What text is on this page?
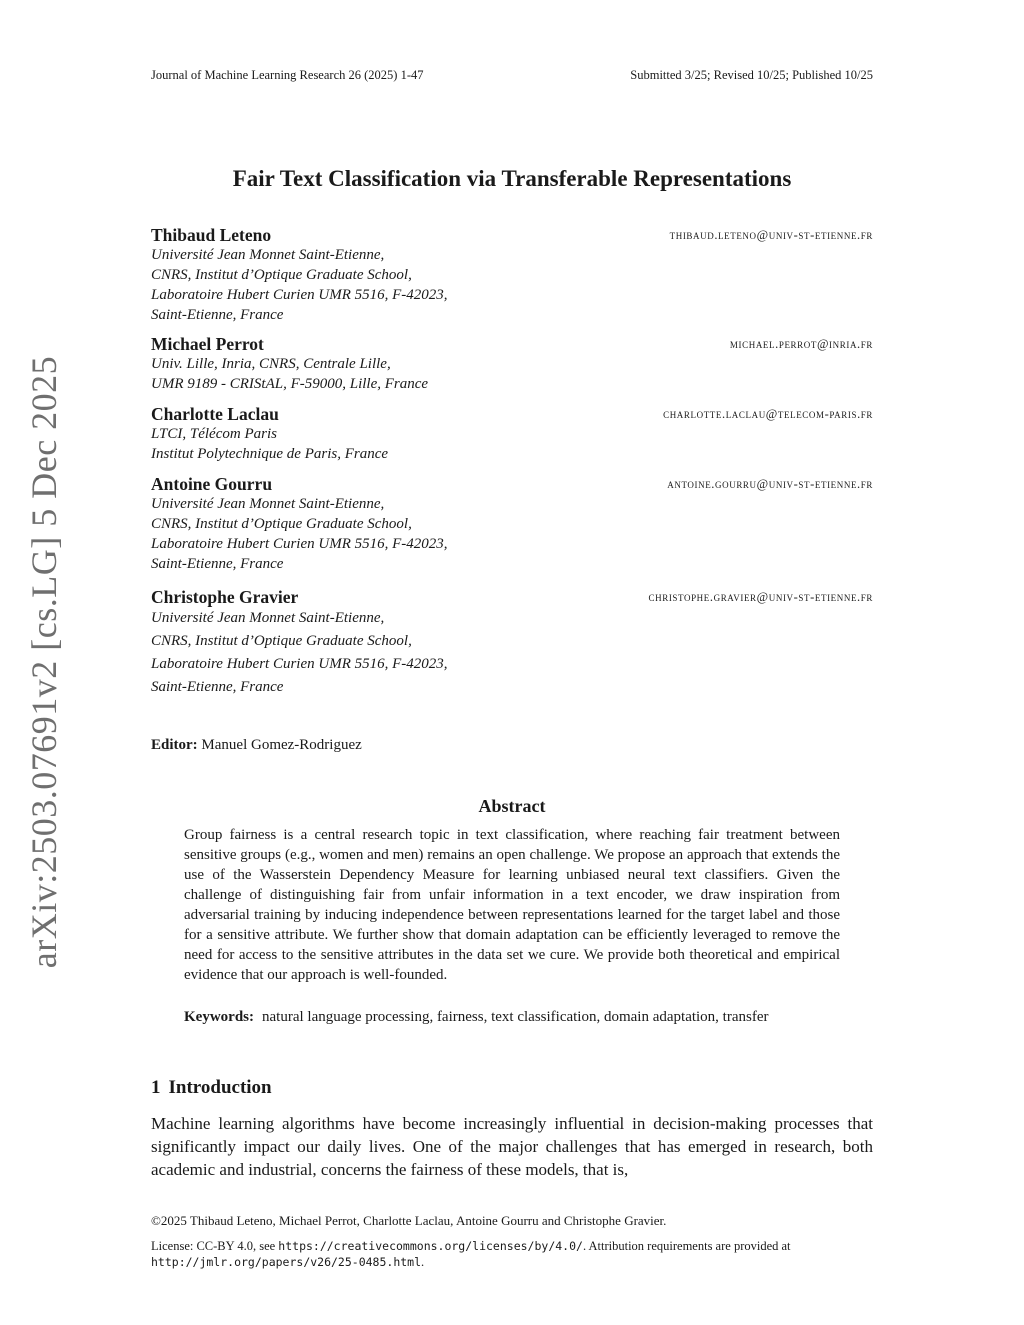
arXiv:2503.07691v2 [cs.LG] 5 Dec 2025
Journal of Machine Learning Research 26 (2025) 1-47	Submitted 3/25; Revised 10/25; Published 10/25
Fair Text Classification via Transferable Representations
Thibaud Leteno	thibaud.leteno@univ-st-etienne.fr
Université Jean Monnet Saint-Etienne,
CNRS, Institut d’Optique Graduate School,
Laboratoire Hubert Curien UMR 5516, F-42023,
Saint-Etienne, France
Michael Perrot	michael.perrot@inria.fr
Univ. Lille, Inria, CNRS, Centrale Lille,
UMR 9189 - CRIStAL, F-59000, Lille, France
Charlotte Laclau	charlotte.laclau@telecom-paris.fr
LTCI, Télécom Paris
Institut Polytechnique de Paris, France
Antoine Gourru	antoine.gourru@univ-st-etienne.fr
Université Jean Monnet Saint-Etienne,
CNRS, Institut d’Optique Graduate School,
Laboratoire Hubert Curien UMR 5516, F-42023,
Saint-Etienne, France
Christophe Gravier	christophe.gravier@univ-st-etienne.fr
Université Jean Monnet Saint-Etienne,
CNRS, Institut d’Optique Graduate School,
Laboratoire Hubert Curien UMR 5516, F-42023,
Saint-Etienne, France
Editor: Manuel Gomez-Rodriguez
Abstract
Group fairness is a central research topic in text classification, where reaching fair treatment between sensitive groups (e.g., women and men) remains an open challenge. We propose an approach that extends the use of the Wasserstein Dependency Measure for learning unbiased neural text classifiers. Given the challenge of distinguishing fair from unfair information in a text encoder, we draw inspiration from adversarial training by inducing independence between representations learned for the target label and those for a sensitive attribute. We further show that domain adaptation can be efficiently leveraged to remove the need for access to the sensitive attributes in the data set we cure. We provide both theoretical and empirical evidence that our approach is well-founded.
Keywords: natural language processing, fairness, text classification, domain adaptation, transfer
1 Introduction
Machine learning algorithms have become increasingly influential in decision-making processes that significantly impact our daily lives. One of the major challenges that has emerged in research, both academic and industrial, concerns the fairness of these models, that is,
©2025 Thibaud Leteno, Michael Perrot, Charlotte Laclau, Antoine Gourru and Christophe Gravier.
License: CC-BY 4.0, see https://creativecommons.org/licenses/by/4.0/. Attribution requirements are provided at http://jmlr.org/papers/v26/25-0485.html.
